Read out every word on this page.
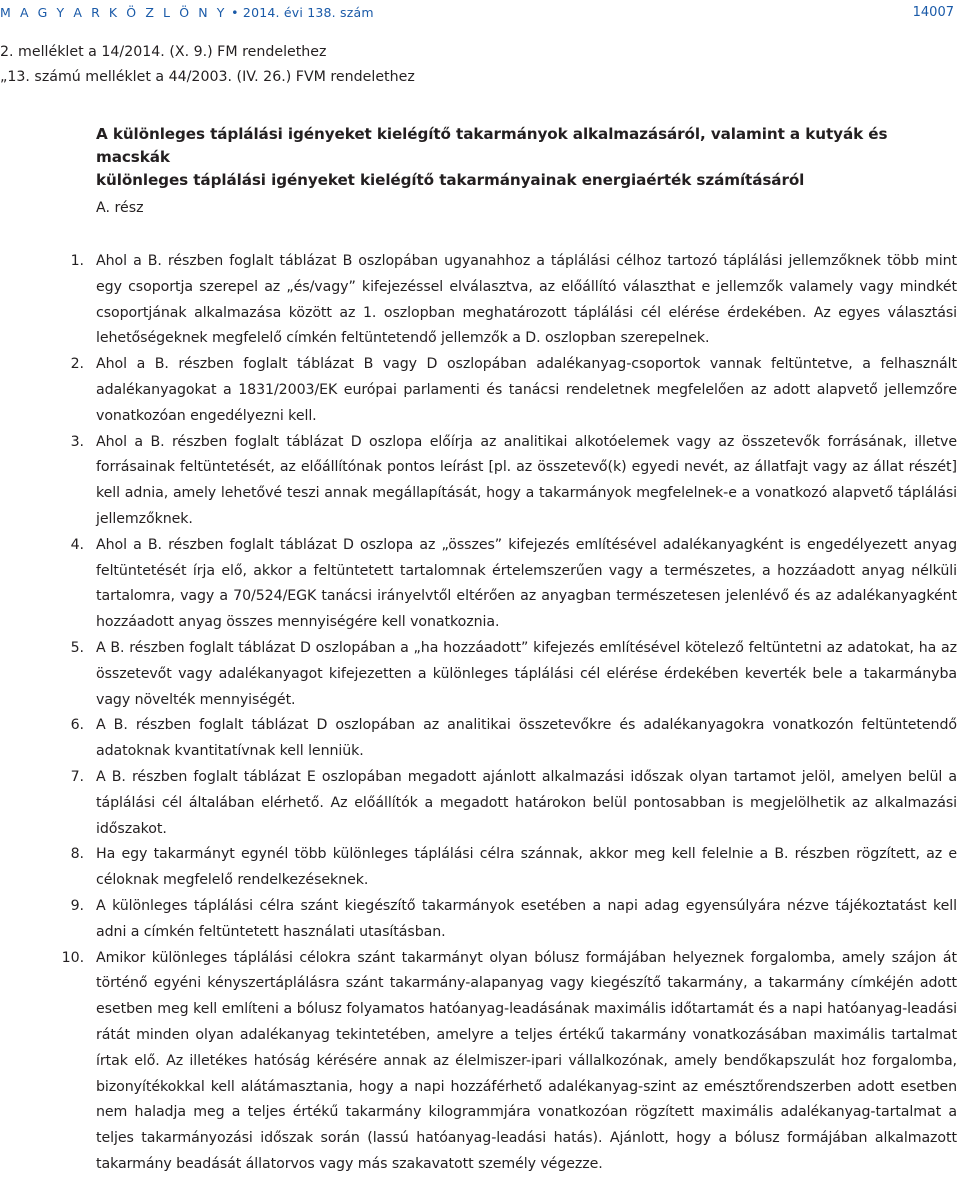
M A G Y A R K Ö Z L Ö N Y • 2014. évi 138. szám	14007
2. melléklet a 14/2014. (X. 9.) FM rendelethez
„13. számú melléklet a 44/2003. (IV. 26.) FVM rendelethez
A különleges táplálási igényeket kielégítő takarmányok alkalmazásáról, valamint a kutyák és macskák
különleges táplálási igényeket kielégítő takarmányainak energiaérték számításáról
A. rész
1. Ahol a B. részben foglalt táblázat B oszlopában ugyanahhoz a táplálási célhoz tartozó táplálási jellemzőknek több mint egy csoportja szerepel az „és/vagy” kifejezéssel elválasztva, az előállító választhat e jellemzők valamely vagy mindkét csoportjának alkalmazása között az 1. oszlopban meghatározott táplálási cél elérése érdekében. Az egyes választási lehetőségeknek megfelelő címkén feltüntetendő jellemzők a D. oszlopban szerepelnek.
2. Ahol a B. részben foglalt táblázat B vagy D oszlopában adalékanyag-csoportok vannak feltüntetve, a felhasznált adalékanyagokat a 1831/2003/EK európai parlamenti és tanácsi rendeletnek megfelelően az adott alapvető jellemzőre vonatkozóan engedélyezni kell.
3. Ahol a B. részben foglalt táblázat D oszlopa előírja az analitikai alkotóelemek vagy az összetevők forrásának, illetve forrásainak feltüntetését, az előállítónak pontos leírást [pl. az összetevő(k) egyedi nevét, az állatfajt vagy az állat részét] kell adnia, amely lehetővé teszi annak megállapítását, hogy a takarmányok megfelelnek-e a vonatkozó alapvető táplálási jellemzőknek.
4. Ahol a B. részben foglalt táblázat D oszlopa az „összes” kifejezés említésével adalékanyagként is engedélyezett anyag feltüntetését írja elő, akkor a feltüntetett tartalomnak értelemszerűen vagy a természetes, a hozzáadott anyag nélküli tartalomra, vagy a 70/524/EGK tanácsi irányelvtől eltérően az anyagban természetesen jelenlévő és az adalékanyagként hozzáadott anyag összes mennyiségére kell vonatkoznia.
5. A B. részben foglalt táblázat D oszlopában a „ha hozzáadott” kifejezés említésével kötelező feltüntetni az adatokat, ha az összetevőt vagy adalékanyagot kifejezetten a különleges táplálási cél elérése érdekében keverték bele a takarmányba vagy növelték mennyiségét.
6. A B. részben foglalt táblázat D oszlopában az analitikai összetevőkre és adalékanyagokra vonatkozón feltüntetendő adatoknak kvantitatívnak kell lenniük.
7. A B. részben foglalt táblázat E oszlopában megadott ajánlott alkalmazási időszak olyan tartamot jelöl, amelyen belül a táplálási cél általában elérhető. Az előállítók a megadott határokon belül pontosabban is megjelölhetik az alkalmazási időszakot.
8. Ha egy takarmányt egynél több különleges táplálási célra szánnak, akkor meg kell felelnie a B. részben rögzített, az e céloknak megfelelő rendelkezéseknek.
9. A különleges táplálási célra szánt kiegészítő takarmányok esetében a napi adag egyensúlyára nézve tájékoztatást kell adni a címkén feltüntetett használati utasításban.
10. Amikor különleges táplálási célokra szánt takarmányt olyan bólusz formájában helyeznek forgalomba, amely szájon át történő egyéni kényszertáplálásra szánt takarmány-alapanyag vagy kiegészítő takarmány, a takarmány címkéjén adott esetben meg kell említeni a bólusz folyamatos hatóanyag-leadásának maximális időtartamát és a napi hatóanyag-leadási rátát minden olyan adalékanyag tekintetében, amelyre a teljes értékű takarmány vonatkozásában maximális tartalmat írtak elő. Az illetékes hatóság kérésére annak az élelmiszer-ipari vállalkozónak, amely bendőkapszulát hoz forgalomba, bizonyítékokkal kell alátámasztania, hogy a napi hozzáférhető adalékanyag-szint az emésztőrendszerben adott esetben nem haladja meg a teljes értékű takarmány kilogrammjára vonatkozóan rögzített maximális adalékanyag-tartalmat a teljes takarmányozási időszak során (lassú hatóanyag-leadási hatás). Ajánlott, hogy a bólusz formájában alkalmazott takarmány beadását állatorvos vagy más szakavatott személy végezze.
